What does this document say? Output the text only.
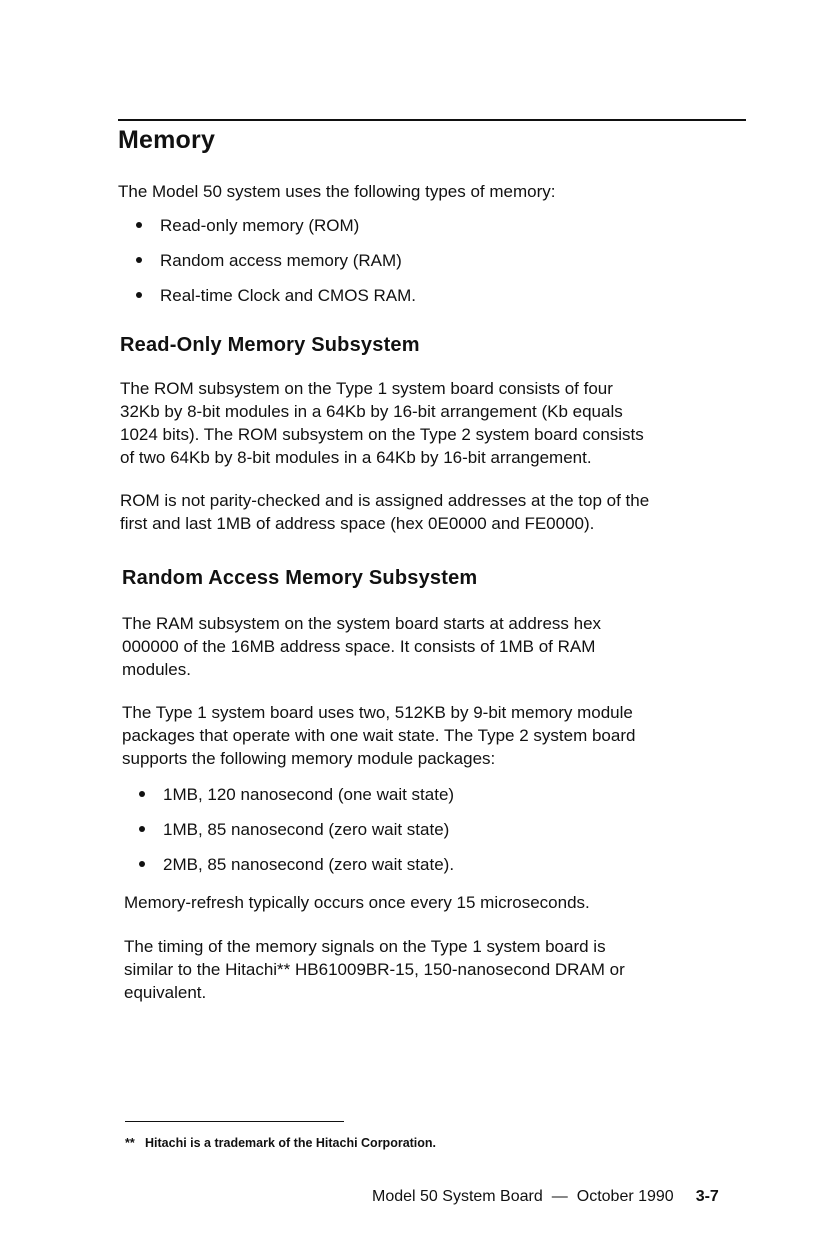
Memory

The Model 50 system uses the following types of memory:

Read-only memory (ROM)
Random access memory (RAM)
Real-time Clock and CMOS RAM.
Read-Only Memory Subsystem

The ROM subsystem on the Type 1 system board consists of four
32Kb by 8-bit modules in a 64Kb by 16-bit arrangement (Kb equals
1024 bits). The ROM subsystem on the Type 2 system board consists
of two 64Kb by 8-bit modules in a 64Kb by 16-bit arrangement.

ROM is not parity-checked and is assigned addresses at the top of the
first and last 1MB of address space (hex 0E0000 and FE0000).

Random Access Memory Subsystem

The RAM subsystem on the system board starts at address hex
000000 of the 16MB address space. It consists of 1MB of RAM
modules.

The Type 1 system board uses two, 512KB by 9-bit memory module
packages that operate with one wait state. The Type 2 system board
supports the following memory module packages:

1MB, 120 nanosecond (one wait state)
1MB, 85 nanosecond (zero wait state)
2MB, 85 nanosecond (zero wait state).

Memory-refresh typically occurs once every 15 microseconds.

The timing of the memory signals on the Type 1 system board is
similar to the Hitachi** HB61009BR-15, 150-nanosecond DRAM or
equivalent.

** Hitachi is a trademark of the Hitachi Corporation.

Model 50 System Board — October 1990 3-7
